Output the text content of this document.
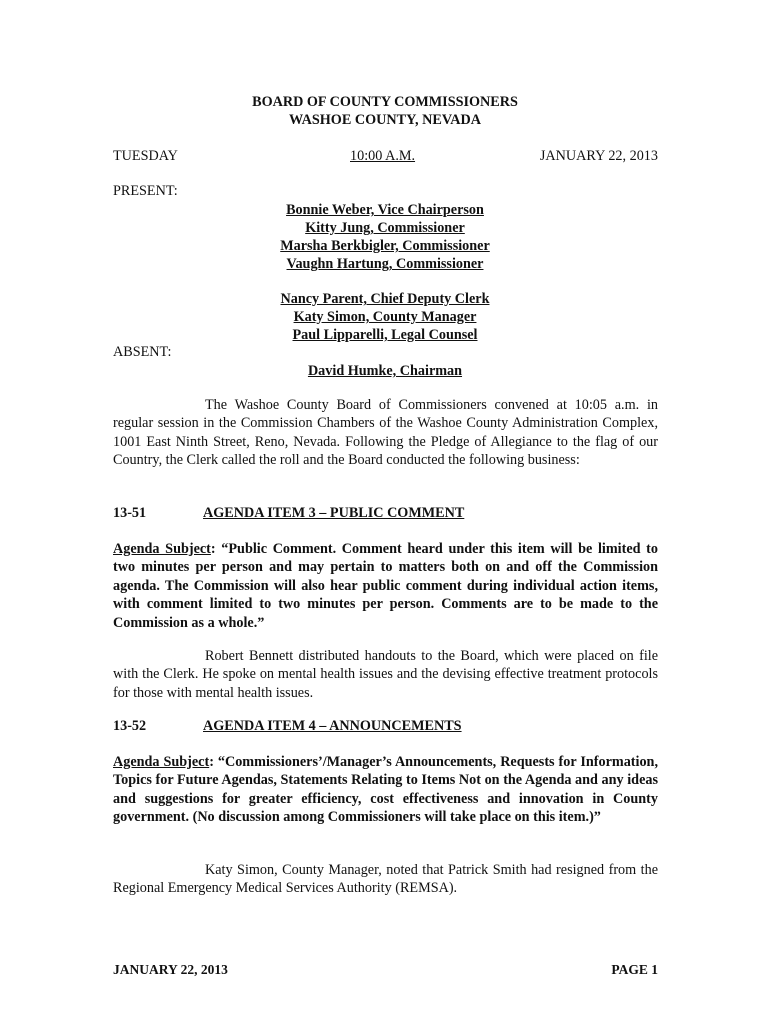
BOARD OF COUNTY COMMISSIONERS
WASHOE COUNTY, NEVADA
TUESDAY	10:00 A.M.	JANUARY 22, 2013
PRESENT:
Bonnie Weber, Vice Chairperson
Kitty Jung, Commissioner
Marsha Berkbigler, Commissioner
Vaughn Hartung, Commissioner
Nancy Parent, Chief Deputy Clerk
Katy Simon, County Manager
Paul Lipparelli, Legal Counsel
ABSENT:
David Humke, Chairman
The Washoe County Board of Commissioners convened at 10:05 a.m. in regular session in the Commission Chambers of the Washoe County Administration Complex, 1001 East Ninth Street, Reno, Nevada. Following the Pledge of Allegiance to the flag of our Country, the Clerk called the roll and the Board conducted the following business:
13-51	AGENDA ITEM 3 – PUBLIC COMMENT
Agenda Subject: “Public Comment. Comment heard under this item will be limited to two minutes per person and may pertain to matters both on and off the Commission agenda. The Commission will also hear public comment during individual action items, with comment limited to two minutes per person. Comments are to be made to the Commission as a whole.”
Robert Bennett distributed handouts to the Board, which were placed on file with the Clerk. He spoke on mental health issues and the devising effective treatment protocols for those with mental health issues.
13-52	AGENDA ITEM 4 – ANNOUNCEMENTS
Agenda Subject: “Commissioners’/Manager’s Announcements, Requests for Information, Topics for Future Agendas, Statements Relating to Items Not on the Agenda and any ideas and suggestions for greater efficiency, cost effectiveness and innovation in County government. (No discussion among Commissioners will take place on this item.)”
Katy Simon, County Manager, noted that Patrick Smith had resigned from the Regional Emergency Medical Services Authority (REMSA).
JANUARY 22, 2013	PAGE 1
